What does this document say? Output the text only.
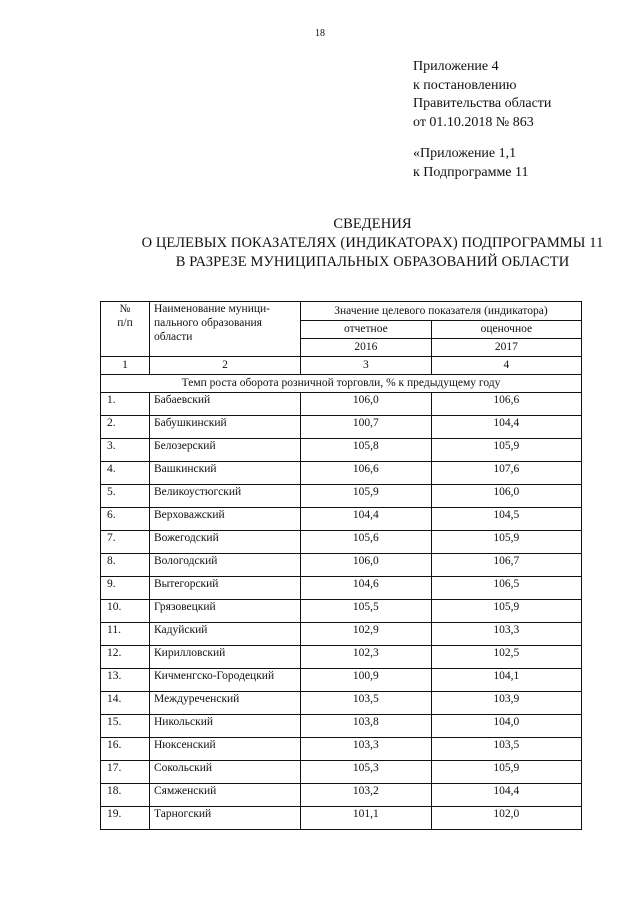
18
Приложение 4
к постановлению
Правительства области
от 01.10.2018 № 863
«Приложение 1,1
к Подпрограмме 11
СВЕДЕНИЯ
О ЦЕЛЕВЫХ ПОКАЗАТЕЛЯХ (ИНДИКАТОРАХ) ПОДПРОГРАММЫ 11
В РАЗРЕЗЕ МУНИЦИПАЛЬНЫХ ОБРАЗОВАНИЙ ОБЛАСТИ
№
п/п	Наименование муници-
пального образования
области	Значение целевого показателя (индикатора)	
		отчетное	оценочное
		2016	2017
1	2	3	4
Темп роста оборота розничной торговли, % к предыдущему году			
1.	Бабаевский	106,0	106,6
2.	Бабушкинский	100,7	104,4
3.	Белозерский	105,8	105,9
4.	Вашкинский	106,6	107,6
5.	Великоустюгский	105,9	106,0
6.	Верховажский	104,4	104,5
7.	Вожегодский	105,6	105,9
8.	Вологодский	106,0	106,7
9.	Вытегорский	104,6	106,5
10.	Грязовецкий	105,5	105,9
11.	Кадуйский	102,9	103,3
12.	Кирилловский	102,3	102,5
13.	Кичменгско-Городецкий	100,9	104,1
14.	Междуреченский	103,5	103,9
15.	Никольский	103,8	104,0
16.	Нюксенский	103,3	103,5
17.	Сокольский	105,3	105,9
18.	Сямженский	103,2	104,4
19.	Тарногский	101,1	102,0
